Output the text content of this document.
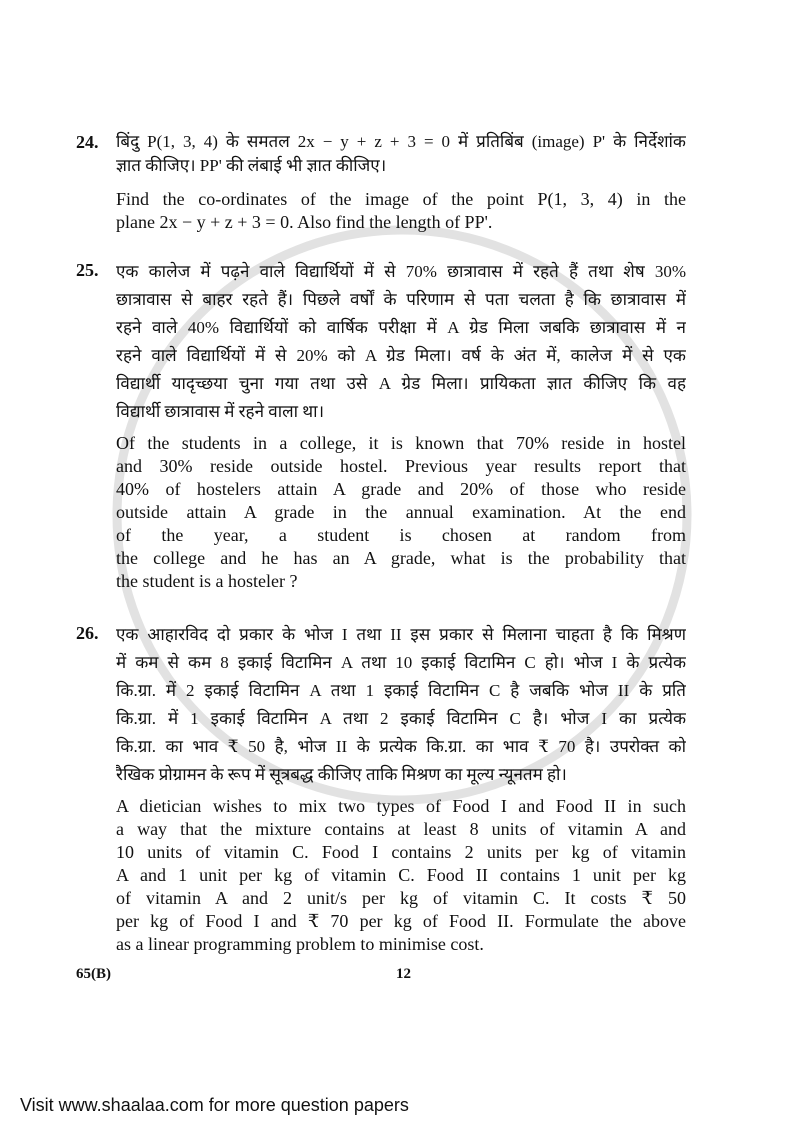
24. बिंदु P(1, 3, 4) के समतल 2x − y + z + 3 = 0 में प्रतिबिंब (image) P' के निर्देशांक
ज्ञात कीजिए। PP' की लंबाई भी ज्ञात कीजिए।
Find the co-ordinates of the image of the point P(1, 3, 4) in the
plane 2x − y + z + 3 = 0. Also find the length of PP'.
25. एक कालेज में पढ़ने वाले विद्यार्थियों में से 70% छात्रावास में रहते हैं तथा शेष 30%
छात्रावास से बाहर रहते हैं। पिछले वर्षों के परिणाम से पता चलता है कि छात्रावास में
रहने वाले 40% विद्यार्थियों को वार्षिक परीक्षा में A ग्रेड मिला जबकि छात्रावास में न
रहने वाले विद्यार्थियों में से 20% को A ग्रेड मिला। वर्ष के अंत में, कालेज में से एक
विद्यार्थी यादृच्छया चुना गया तथा उसे A ग्रेड मिला। प्रायिकता ज्ञात कीजिए कि वह
विद्यार्थी छात्रावास में रहने वाला था।
Of the students in a college, it is known that 70% reside in hostel
and 30% reside outside hostel. Previous year results report that
40% of hostelers attain A grade and 20% of those who reside
outside attain A grade in the annual examination. At the end
of the year, a student is chosen at random from
the college and he has an A grade, what is the probability that
the student is a hosteler ?
26. एक आहारविद दो प्रकार के भोज I तथा II इस प्रकार से मिलाना चाहता है कि मिश्रण
में कम से कम 8 इकाई विटामिन A तथा 10 इकाई विटामिन C हो। भोज I के प्रत्येक
कि.ग्रा. में 2 इकाई विटामिन A तथा 1 इकाई विटामिन C है जबकि भोज II के प्रति
कि.ग्रा. में 1 इकाई विटामिन A तथा 2 इकाई विटामिन C है। भोज I का प्रत्येक
कि.ग्रा. का भाव ₹ 50 है, भोज II के प्रत्येक कि.ग्रा. का भाव ₹ 70 है। उपरोक्त को
रैखिक प्रोग्रामन के रूप में सूत्रबद्ध कीजिए ताकि मिश्रण का मूल्य न्यूनतम हो।
A dietician wishes to mix two types of Food I and Food II in such
a way that the mixture contains at least 8 units of vitamin A and
10 units of vitamin C. Food I contains 2 units per kg of vitamin
A and 1 unit per kg of vitamin C. Food II contains 1 unit per kg
of vitamin A and 2 unit/s per kg of vitamin C. It costs ₹ 50
per kg of Food I and ₹ 70 per kg of Food II. Formulate the above
as a linear programming problem to minimise cost.
65(B)	12
Visit www.shaalaa.com for more question papers
